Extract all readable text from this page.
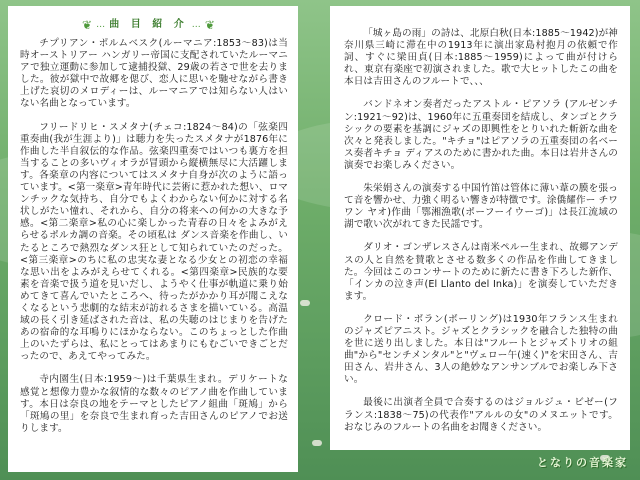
❦ … 曲 目 紹 介 … ❦

チプリアン・ポルムベスク(ルーマニア:1853〜83)は当時オーストリアー ハンガリー帝国に支配されていたルーマニアで独立運動に参加して逮捕投獄、29歳の若さで世を去りました。彼が獄中で故郷を偲び、恋人に思いを馳せながら書き上げた哀切のメロディーは、ルーマニアでは知らない人はいない名曲となっています。

フリードリヒ・スメタナ(チェコ:1824〜84)の「弦楽四重奏曲(我が生涯より)」は聴力を失ったスメタナが1876年に作曲した半自叙伝的な作品。弦楽四重奏ではいつも裏方を担当することの多いヴィオラが冒頭から縦横無尽に大活躍します。各楽章の内容についてはスメタナ自身が次のように語っています。<第一楽章>青年時代に芸術に惹かれた想い、ロマンチックな気持ち、自分でもよくわからない何かに対する名状しがたい憧れ、それから、自分の将来への何かの大きな予感。<第二楽章>私の心に楽しかった青春の日々をよみがえらせるポルカ調の音楽。その頃私は ダンス音楽を作曲し、いたるところで熱烈なダンス狂として知られていたのだった。<第三楽章>のちに私の忠実な妻となる少女との初恋の幸福な思い出をよみがえらせてくれる。<第四楽章>民族的な要素を音楽で扱う道を見いだし、ようやく仕事が軌道に乗り始めてきて喜んでいたところへ、待ったがかかり耳が聞こえなくなるという悲劇的な結末が訪れるさまを描いている。高温域の長く引き延ばされた音は、私の失聴のはじまりを告げたあの宿命的な耳鳴りにほかならない。このちょっとした作曲上のいたずらは、私にとってはあまりにもむごいできごとだったので、あえてやってみた。

寺内園生(日本:1959〜)は千葉県生まれ。デリケートな感覚と想像力豊かな叙情的な数々のピアノ曲を作曲しています。本日は奈良の地をテーマとしたピアノ組曲「斑鳩」から「斑鳩の里」を奈良で生まれ育った吉田さんのピアノでお送りします。

「城ヶ島の雨」の詩は、北原白秋(日本:1885〜1942)が神奈川県三崎に滞在中の1913年に演出家島村抱月の依頼で作詞、すぐに梁田貞(日本:1885〜1959)によって曲が付けられ、東京有楽座で初演されました。歌で大ヒットしたこの曲を本日は吉田さんのフルートで、、、

バンドネオン奏者だったアストル・ピアソラ (アルゼンチン:1921〜92)は、1960年に五重奏団を結成し、タンゴとクラシックの要素を基調にジャズの即興性をとりいれた斬新な曲を次々と発表しました。"キチョ"はピアソラの五重奏団の名ベース奏者キチョ ディアスのために書かれた曲。本日は岩井さんの演奏でお楽しみください。

朱栄娟さんの演奏する中国竹笛は管体に薄い葦の膜を張って音を響かせ、力強く明るい響きが特徴です。涂僑耀作ー チワワン ヤオ)作曲「鄂湘漁歌(ポーフーイウーゴ)」は長江流域の湖で歌い次がれてきた民謡です。

ダリオ・ゴンザレスさんは南米ペルー生まれ、故郷アンデスの人と自然を賛歌とさせる数多くの作品を作曲してきました。今回はこのコンサートのために新たに書き下ろした新作、「インカの泣き声(El Llanto del Inka)」を演奏していただきます。

クロード・ボラン(ボーリング)は1930年フランス生まれのジャズピアニスト。ジャズとクラシックを融合した独特の曲を世に送り出しました。本日は"フルートとジャズトリオの組曲"から"センチメンタル"と"ヴェロー午(速く)"を宋田さん、吉田さん、岩井さん、3人の絶妙なアンサンブルでお楽しみ下さい。

最後に出演者全員で合奏するのはジョルジュ・ビゼー(フランス:1838〜75)の代表作"アルルの女"のメヌエットです。おなじみのフルートの名曲をお聞きください。

となりの音楽家
